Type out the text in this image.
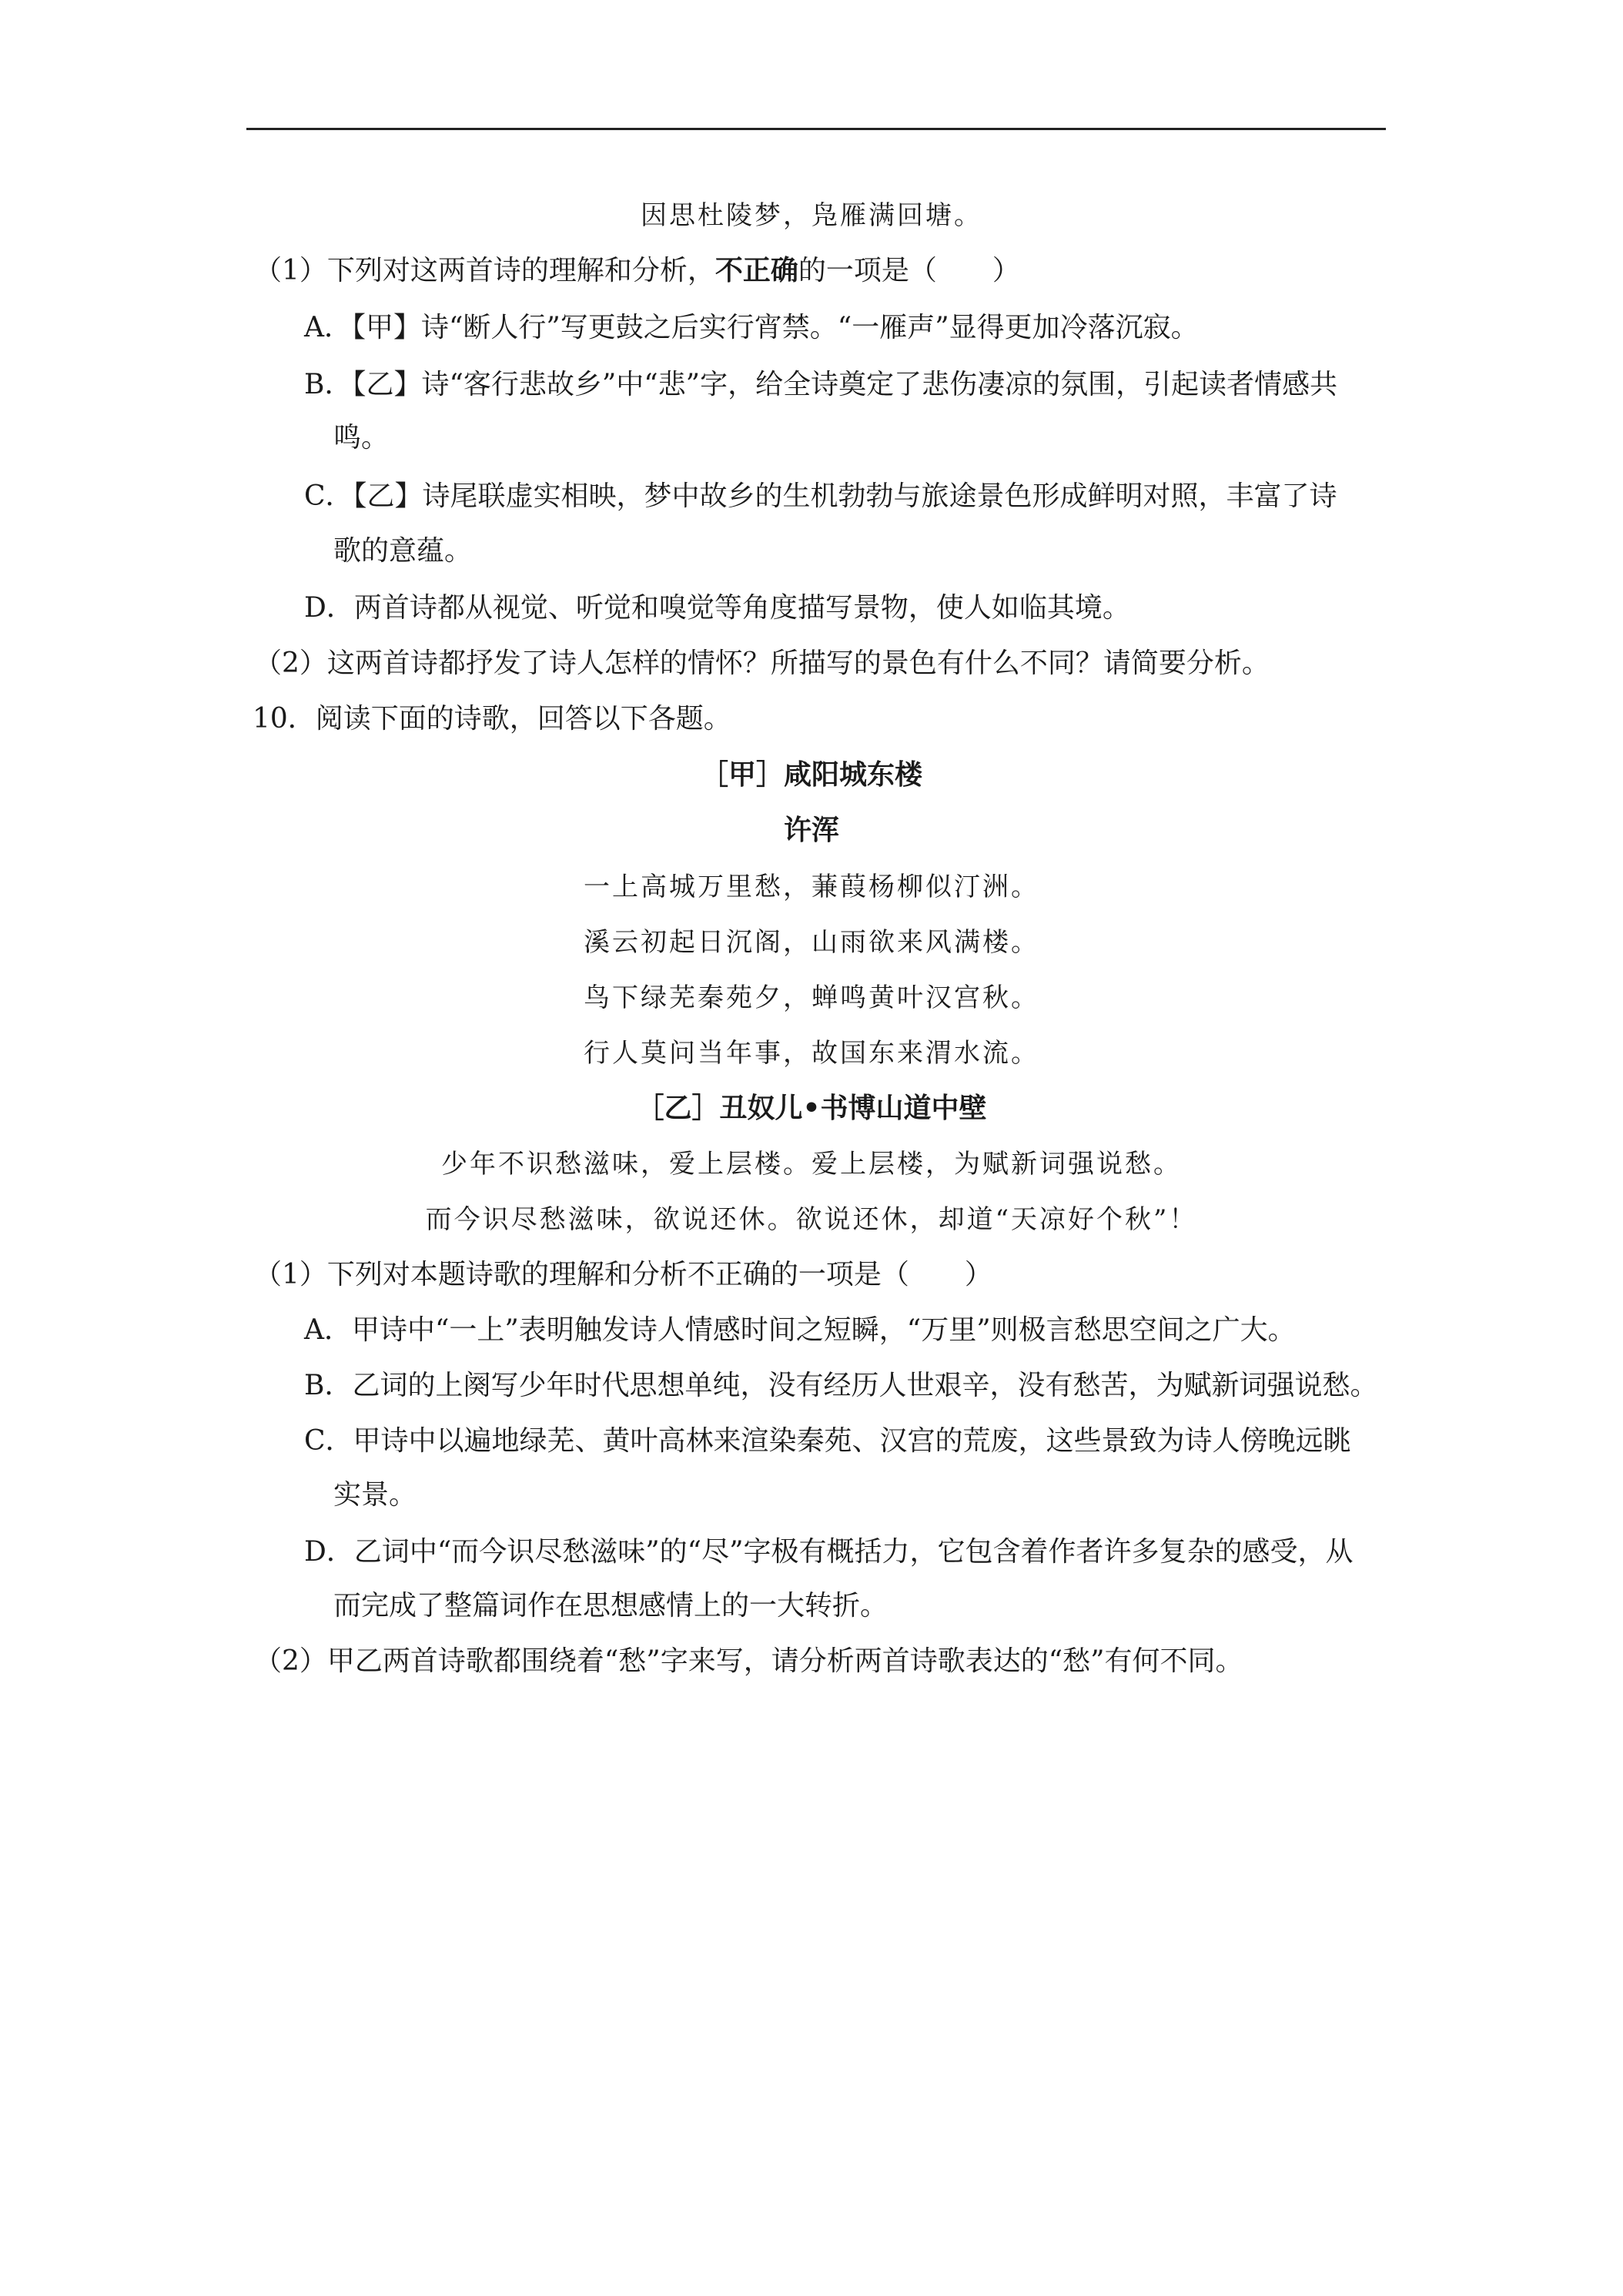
因思杜陵梦，凫雁满回塘。
（1）下列对这两首诗的理解和分析，不正确的一项是（　　）
A．【甲】诗“断人行”写更鼓之后实行宵禁。“一雁声”显得更加冷落沉寂。
B．【乙】诗“客行悲故乡”中“悲”字，给全诗奠定了悲伤凄凉的氛围，引起读者情感共
鸣。
C．【乙】诗尾联虚实相映，梦中故乡的生机勃勃与旅途景色形成鲜明对照，丰富了诗
歌的意蕴。
D．两首诗都从视觉、听觉和嗅觉等角度描写景物，使人如临其境。
（2）这两首诗都抒发了诗人怎样的情怀？所描写的景色有什么不同？请简要分析。
10．阅读下面的诗歌，回答以下各题。
［甲］咸阳城东楼
许浑
一上高城万里愁，蒹葭杨柳似汀洲。
溪云初起日沉阁，山雨欲来风满楼。
鸟下绿芜秦苑夕，蝉鸣黄叶汉宫秋。
行人莫问当年事，故国东来渭水流。
［乙］丑奴儿•书博山道中壁
少年不识愁滋味，爱上层楼。爱上层楼，为赋新词强说愁。
而今识尽愁滋味，欲说还休。欲说还休，却道“天凉好个秋”！
（1）下列对本题诗歌的理解和分析不正确的一项是（　　）
A．甲诗中“一上”表明触发诗人情感时间之短瞬，“万里”则极言愁思空间之广大。
B．乙词的上阕写少年时代思想单纯，没有经历人世艰辛，没有愁苦，为赋新词强说愁。
C．甲诗中以遍地绿芜、黄叶高林来渲染秦苑、汉宫的荒废，这些景致为诗人傍晚远眺
实景。
D．乙词中“而今识尽愁滋味”的“尽”字极有概括力，它包含着作者许多复杂的感受，从
而完成了整篇词作在思想感情上的一大转折。
（2）甲乙两首诗歌都围绕着“愁”字来写，请分析两首诗歌表达的“愁”有何不同。
